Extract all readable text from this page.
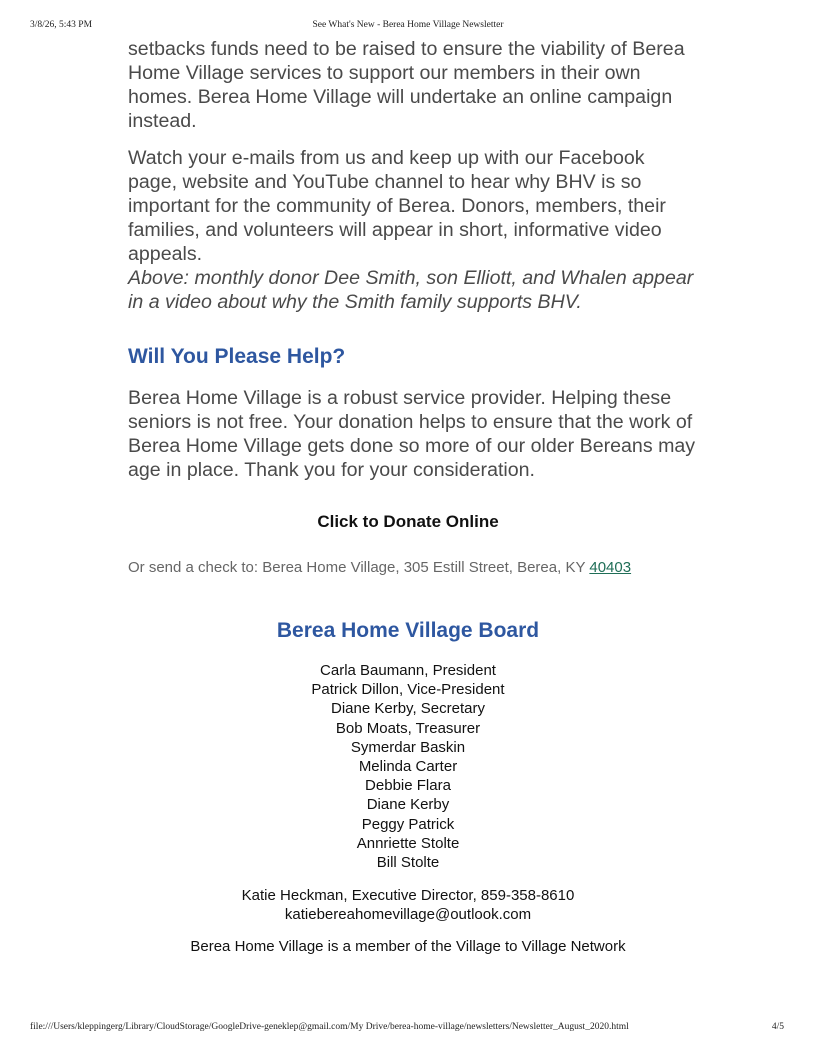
3/8/26, 5:43 PM	See What's New - Berea Home Village Newsletter

setbacks funds need to be raised to ensure the viability of Berea Home Village services to support our members in their own homes. Berea Home Village will undertake an online campaign instead.

Watch your e-mails from us and keep up with our Facebook page, website and YouTube channel to hear why BHV is so important for the community of Berea. Donors, members, their families, and volunteers will appear in short, informative video appeals.

Above: monthly donor Dee Smith, son Elliott, and Whalen appear in a video about why the Smith family supports BHV.

Will You Please Help?

Berea Home Village is a robust service provider. Helping these seniors is not free. Your donation helps to ensure that the work of Berea Home Village gets done so more of our older Bereans may age in place. Thank you for your consideration.

Click to Donate Online

Or send a check to: Berea Home Village, 305 Estill Street, Berea, KY 40403

Berea Home Village Board

Carla Baumann, President

Patrick Dillon, Vice-President

Diane Kerby, Secretary

Bob Moats, Treasurer

Symerdar Baskin

Melinda Carter

Debbie Flara

Diane Kerby

Peggy Patrick

Annriette Stolte

Bill Stolte

Katie Heckman, Executive Director, 859-358-8610

katiebereahomevillage@outlook.com

Berea Home Village is a member of the Village to Village Network

file:///Users/kleppingerg/Library/CloudStorage/GoogleDrive-geneklep@gmail.com/My Drive/berea-home-village/newsletters/Newsletter_August_2020.html	4/5
